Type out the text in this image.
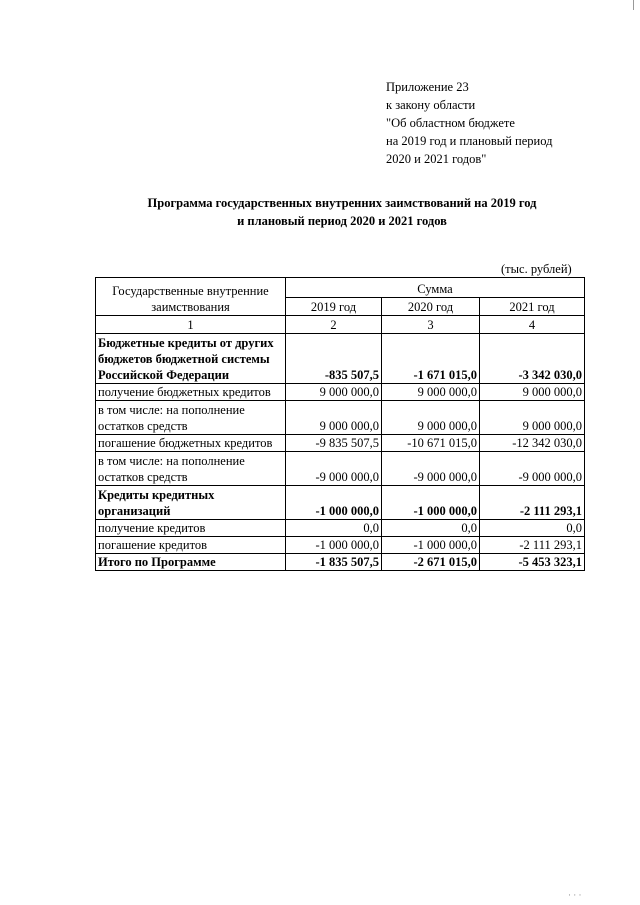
Приложение 23
к закону области
"Об областном бюджете
на 2019 год и плановый период
2020 и 2021 годов"
Программа государственных внутренних заимствований на 2019 год
и плановый период 2020 и 2021 годов
(тыс. рублей)
Государственные внутренние заимствования	Сумма		
	2019 год	2020 год	2021 год
1	2	3	4
Бюджетные кредиты от других бюджетов бюджетной системы Российской Федерации	-835 507,5	-1 671 015,0	-3 342 030,0
получение бюджетных кредитов	9 000 000,0	9 000 000,0	9 000 000,0
в том числе: на пополнение остатков средств	9 000 000,0	9 000 000,0	9 000 000,0
погашение бюджетных кредитов	-9 835 507,5	-10 671 015,0	-12 342 030,0
в том числе: на пополнение остатков средств	-9 000 000,0	-9 000 000,0	-9 000 000,0
Кредиты кредитных организаций	-1 000 000,0	-1 000 000,0	-2 111 293,1
получение кредитов	0,0	0,0	0,0
погашение кредитов	-1 000 000,0	-1 000 000,0	-2 111 293,1
Итого по Программе	-1 835 507,5	-2 671 015,0	-5 453 323,1
· · ·
